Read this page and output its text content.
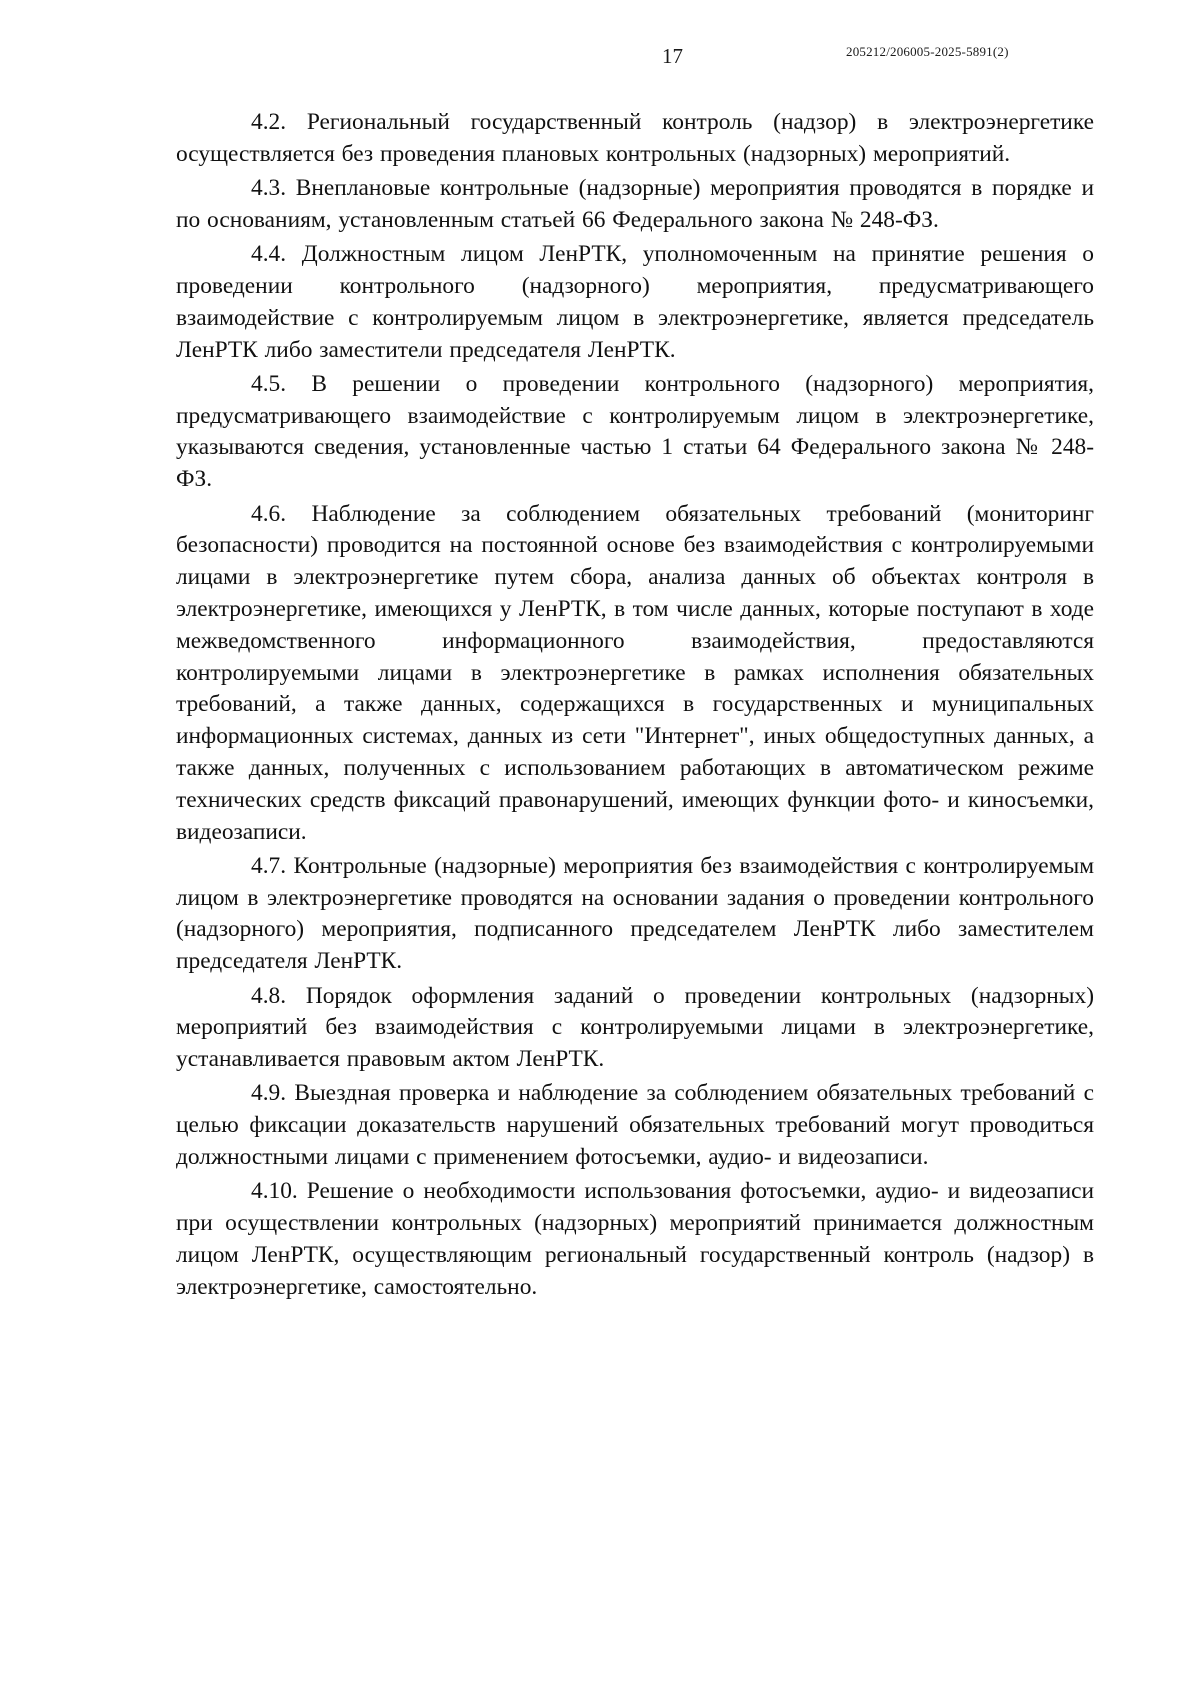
17	205212/206005-2025-5891(2)

4.2. Региональный государственный контроль (надзор) в электроэнергетике осуществляется без проведения плановых контрольных (надзорных) мероприятий.

4.3. Внеплановые контрольные (надзорные) мероприятия проводятся в порядке и по основаниям, установленным статьей 66 Федерального закона № 248-ФЗ.

4.4. Должностным лицом ЛенРТК, уполномоченным на принятие решения о проведении контрольного (надзорного) мероприятия, предусматривающего взаимодействие с контролируемым лицом в электроэнергетике, является председатель ЛенРТК либо заместители председателя ЛенРТК.

4.5. В решении о проведении контрольного (надзорного) мероприятия, предусматривающего взаимодействие с контролируемым лицом в электроэнергетике, указываются сведения, установленные частью 1 статьи 64 Федерального закона № 248-ФЗ.

4.6. Наблюдение за соблюдением обязательных требований (мониторинг безопасности) проводится на постоянной основе без взаимодействия с контролируемыми лицами в электроэнергетике путем сбора, анализа данных об объектах контроля в электроэнергетике, имеющихся у ЛенРТК, в том числе данных, которые поступают в ходе межведомственного информационного взаимодействия, предоставляются контролируемыми лицами в электроэнергетике в рамках исполнения обязательных требований, а также данных, содержащихся в государственных и муниципальных информационных системах, данных из сети "Интернет", иных общедоступных данных, а также данных, полученных с использованием работающих в автоматическом режиме технических средств фиксаций правонарушений, имеющих функции фото- и киносъемки, видеозаписи.

4.7. Контрольные (надзорные) мероприятия без взаимодействия с контролируемым лицом в электроэнергетике проводятся на основании задания о проведении контрольного (надзорного) мероприятия, подписанного председателем ЛенРТК либо заместителем председателя ЛенРТК.

4.8. Порядок оформления заданий о проведении контрольных (надзорных) мероприятий без взаимодействия с контролируемыми лицами в электроэнергетике, устанавливается правовым актом ЛенРТК.

4.9. Выездная проверка и наблюдение за соблюдением обязательных требований с целью фиксации доказательств нарушений обязательных требований могут проводиться должностными лицами с применением фотосъемки, аудио- и видеозаписи.

4.10. Решение о необходимости использования фотосъемки, аудио- и видеозаписи при осуществлении контрольных (надзорных) мероприятий принимается должностным лицом ЛенРТК, осуществляющим региональный государственный контроль (надзор) в электроэнергетике, самостоятельно.
